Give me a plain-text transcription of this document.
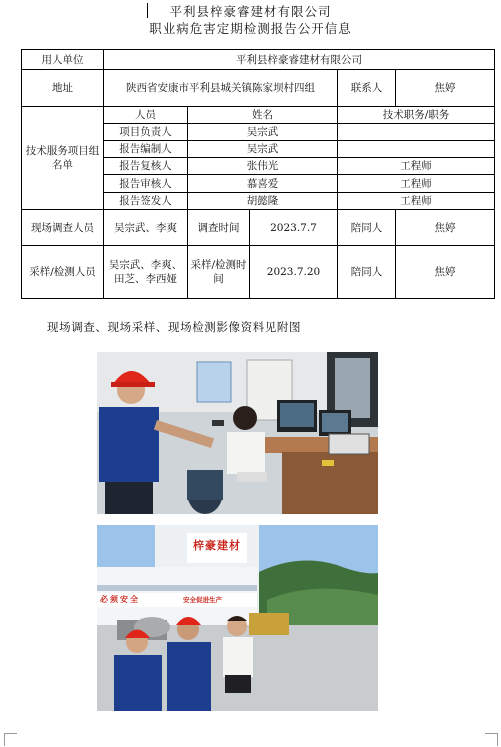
平利县梓豪睿建材有限公司
职业病危害定期检测报告公开信息
用人单位	平利县梓豪睿建材有限公司				
地址	陕西省安康市平利县城关镇陈家坝村四组			联系人	焦婷
技术服务项目组名单	人员	姓名		技术职务/职务	
	项目负责人	吴宗武			
	报告编制人	吴宗武			
	报告复核人	张伟光		工程师	
	报告审核人	慕喜爱		工程师	
	报告签发人	胡懿隆		工程师	
现场调查人员	吴宗武、李爽	调查时间	2023.7.7	陪同人	焦婷
采样/检测人员	吴宗武、李爽、田芝、李西娅	采样/检测时间	2023.7.20	陪同人	焦婷
现场调查、现场采样、现场检测影像资料见附图
梓豪建材
必须安全	安全促进生产
